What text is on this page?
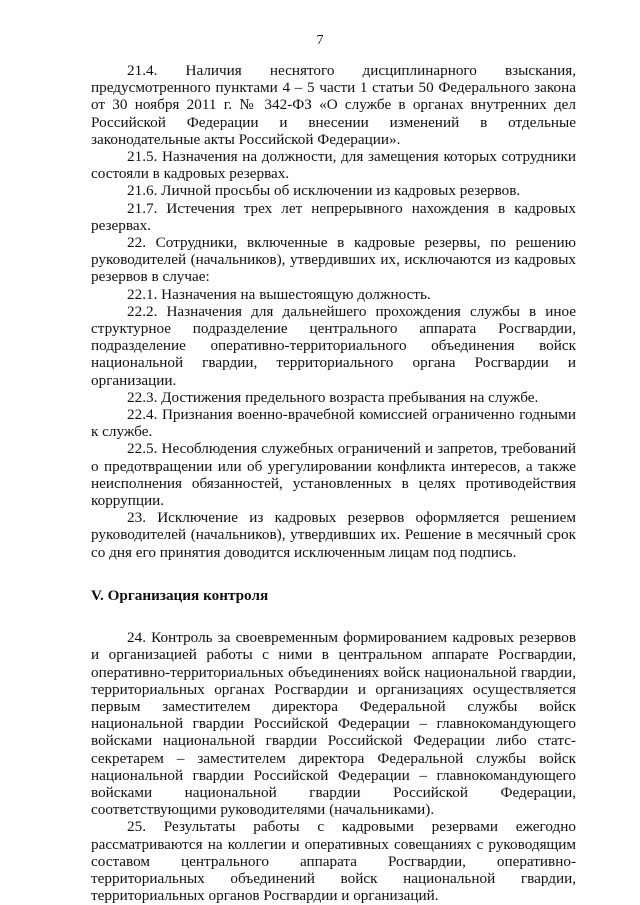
7

21.4. Наличия неснятого дисциплинарного взыскания, предусмотренного пунктами 4 – 5 части 1 статьи 50 Федерального закона от 30 ноября 2011 г. № 342-ФЗ «О службе в органах внутренних дел Российской Федерации и внесении изменений в отдельные законодательные акты Российской Федерации».

21.5. Назначения на должности, для замещения которых сотрудники состояли в кадровых резервах.

21.6. Личной просьбы об исключении из кадровых резервов.

21.7. Истечения трех лет непрерывного нахождения в кадровых резервах.

22. Сотрудники, включенные в кадровые резервы, по решению руководителей (начальников), утвердивших их, исключаются из кадровых резервов в случае:

22.1. Назначения на вышестоящую должность.

22.2. Назначения для дальнейшего прохождения службы в иное структурное подразделение центрального аппарата Росгвардии, подразделение оперативно-территориального объединения войск национальной гвардии, территориального органа Росгвардии и организации.

22.3. Достижения предельного возраста пребывания на службе.

22.4. Признания военно-врачебной комиссией ограниченно годными к службе.

22.5. Несоблюдения служебных ограничений и запретов, требований о предотвращении или об урегулировании конфликта интересов, а также неисполнения обязанностей, установленных в целях противодействия коррупции.

23. Исключение из кадровых резервов оформляется решением руководителей (начальников), утвердивших их. Решение в месячный срок со дня его принятия доводится исключенным лицам под подпись.

V. Организация контроля

24. Контроль за своевременным формированием кадровых резервов и организацией работы с ними в центральном аппарате Росгвардии, оперативно-территориальных объединениях войск национальной гвардии, территориальных органах Росгвардии и организациях осуществляется первым заместителем директора Федеральной службы войск национальной гвардии Российской Федерации – главнокомандующего войсками национальной гвардии Российской Федерации либо статс-секретарем – заместителем директора Федеральной службы войск национальной гвардии Российской Федерации – главнокомандующего войсками национальной гвардии Российской Федерации, соответствующими руководителями (начальниками).

25. Результаты работы с кадровыми резервами ежегодно рассматриваются на коллегии и оперативных совещаниях с руководящим составом центрального аппарата Росгвардии, оперативно-территориальных объединений войск национальной гвардии, территориальных органов Росгвардии и организаций.
